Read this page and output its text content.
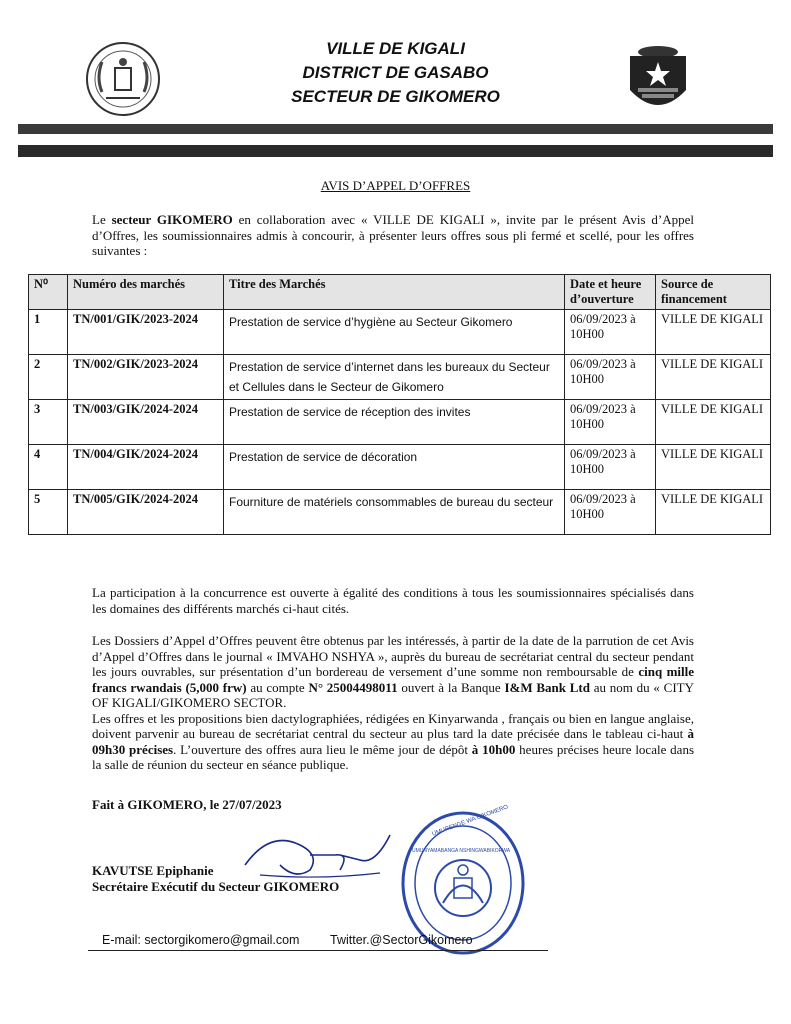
VILLE DE KIGALI
DISTRICT DE GASABO
SECTEUR DE GIKOMERO
AVIS D’APPEL D’OFFRES
Le secteur GIKOMERO en collaboration avec « VILLE DE KIGALI », invite par le présent Avis d’Appel d’Offres, les soumissionnaires admis à concourir, à présenter leurs offres sous pli fermé et scellé, pour les offres suivantes :
N⁰	Numéro des marchés	Titre des Marchés	Date et heure d’ouverture	Source de financement
1	TN/001/GIK/2023-2024	Prestation de service d’hygiène au Secteur Gikomero	06/09/2023 à 10H00	VILLE DE KIGALI
2	TN/002/GIK/2023-2024	Prestation de service d’internet dans les bureaux du Secteur et Cellules dans le Secteur de Gikomero	06/09/2023 à 10H00	VILLE DE KIGALI
3	TN/003/GIK/2024-2024	Prestation de service de réception des invites	06/09/2023 à 10H00	VILLE DE KIGALI
4	TN/004/GIK/2024-2024	Prestation de service de décoration	06/09/2023 à 10H00	VILLE DE KIGALI
5	TN/005/GIK/2024-2024	Fourniture de matériels consommables de bureau du secteur	06/09/2023 à 10H00	VILLE DE KIGALI
La participation à la concurrence est ouverte à égalité des conditions à tous les soumissionnaires spécialisés dans les domaines des différents marchés ci-haut cités.
Les Dossiers d’Appel d’Offres peuvent être obtenus par les intéressés, à partir de la date de la parrution de cet Avis d’Appel d’Offres dans le journal « IMVAHO NSHYA », auprès du bureau de secrétariat central du secteur pendant les jours ouvrables, sur présentation d’un bordereau de versement d’une somme non remboursable de cinq mille francs rwandais (5,000 frw) au compte N° 25004498011 ouvert à la Banque I&M Bank Ltd au nom du « CITY OF KIGALI/GIKOMERO SECTOR.
Les offres et les propositions bien dactylographiées, rédigées en Kinyarwanda , français ou bien en langue anglaise, doivent parvenir au bureau de secrétariat central du secteur au plus tard la date précisée dans le tableau ci-haut à 09h30 précises. L’ouverture des offres aura lieu le même jour de dépôt à 10h00 heures précises heure locale dans la salle de réunion du secteur en séance publique.
Fait à GIKOMERO, le 27/07/2023
KAVUTSE Epiphanie
Secrétaire Exécutif du Secteur GIKOMERO
UMURENGE WA GIKOMERO
UMUNYAMABANGA NSHINGWABIKORWA
E-mail: sectorgikomero@gmail.com Twitter.@SectorGikomero
